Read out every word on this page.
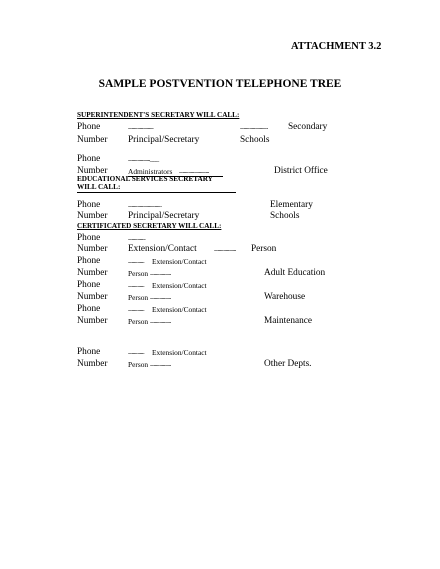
ATTACHMENT 3.2
SAMPLE POSTVENTION TELEPHONE TREE
SUPERINTENDENT'S SECRETARY WILL CALL:
Phone	......................	........................ Secondary
Number Principal/Secretary	Schools
Phone	...................___
Number	Administrators ..........................	District Office
EDUCATIONAL SERVICES SECRETARY
WILL CALL:
Phone	.............................	Elementary
Number Principal/Secretary	Schools
CERTIFICATED SECRETARY WILL CALL:
Phone	...............
Number Extension/Contact ................... Person
Phone	.............. Extension/Contact
Number	Person ..................	Adult Education
Phone	.............. Extension/Contact
Number	Person ..................	Warehouse
Phone	.............. Extension/Contact
Number	Person ..................	Maintenance
Phone	.............. Extension/Contact
Number	Person ..................	Other Depts.
